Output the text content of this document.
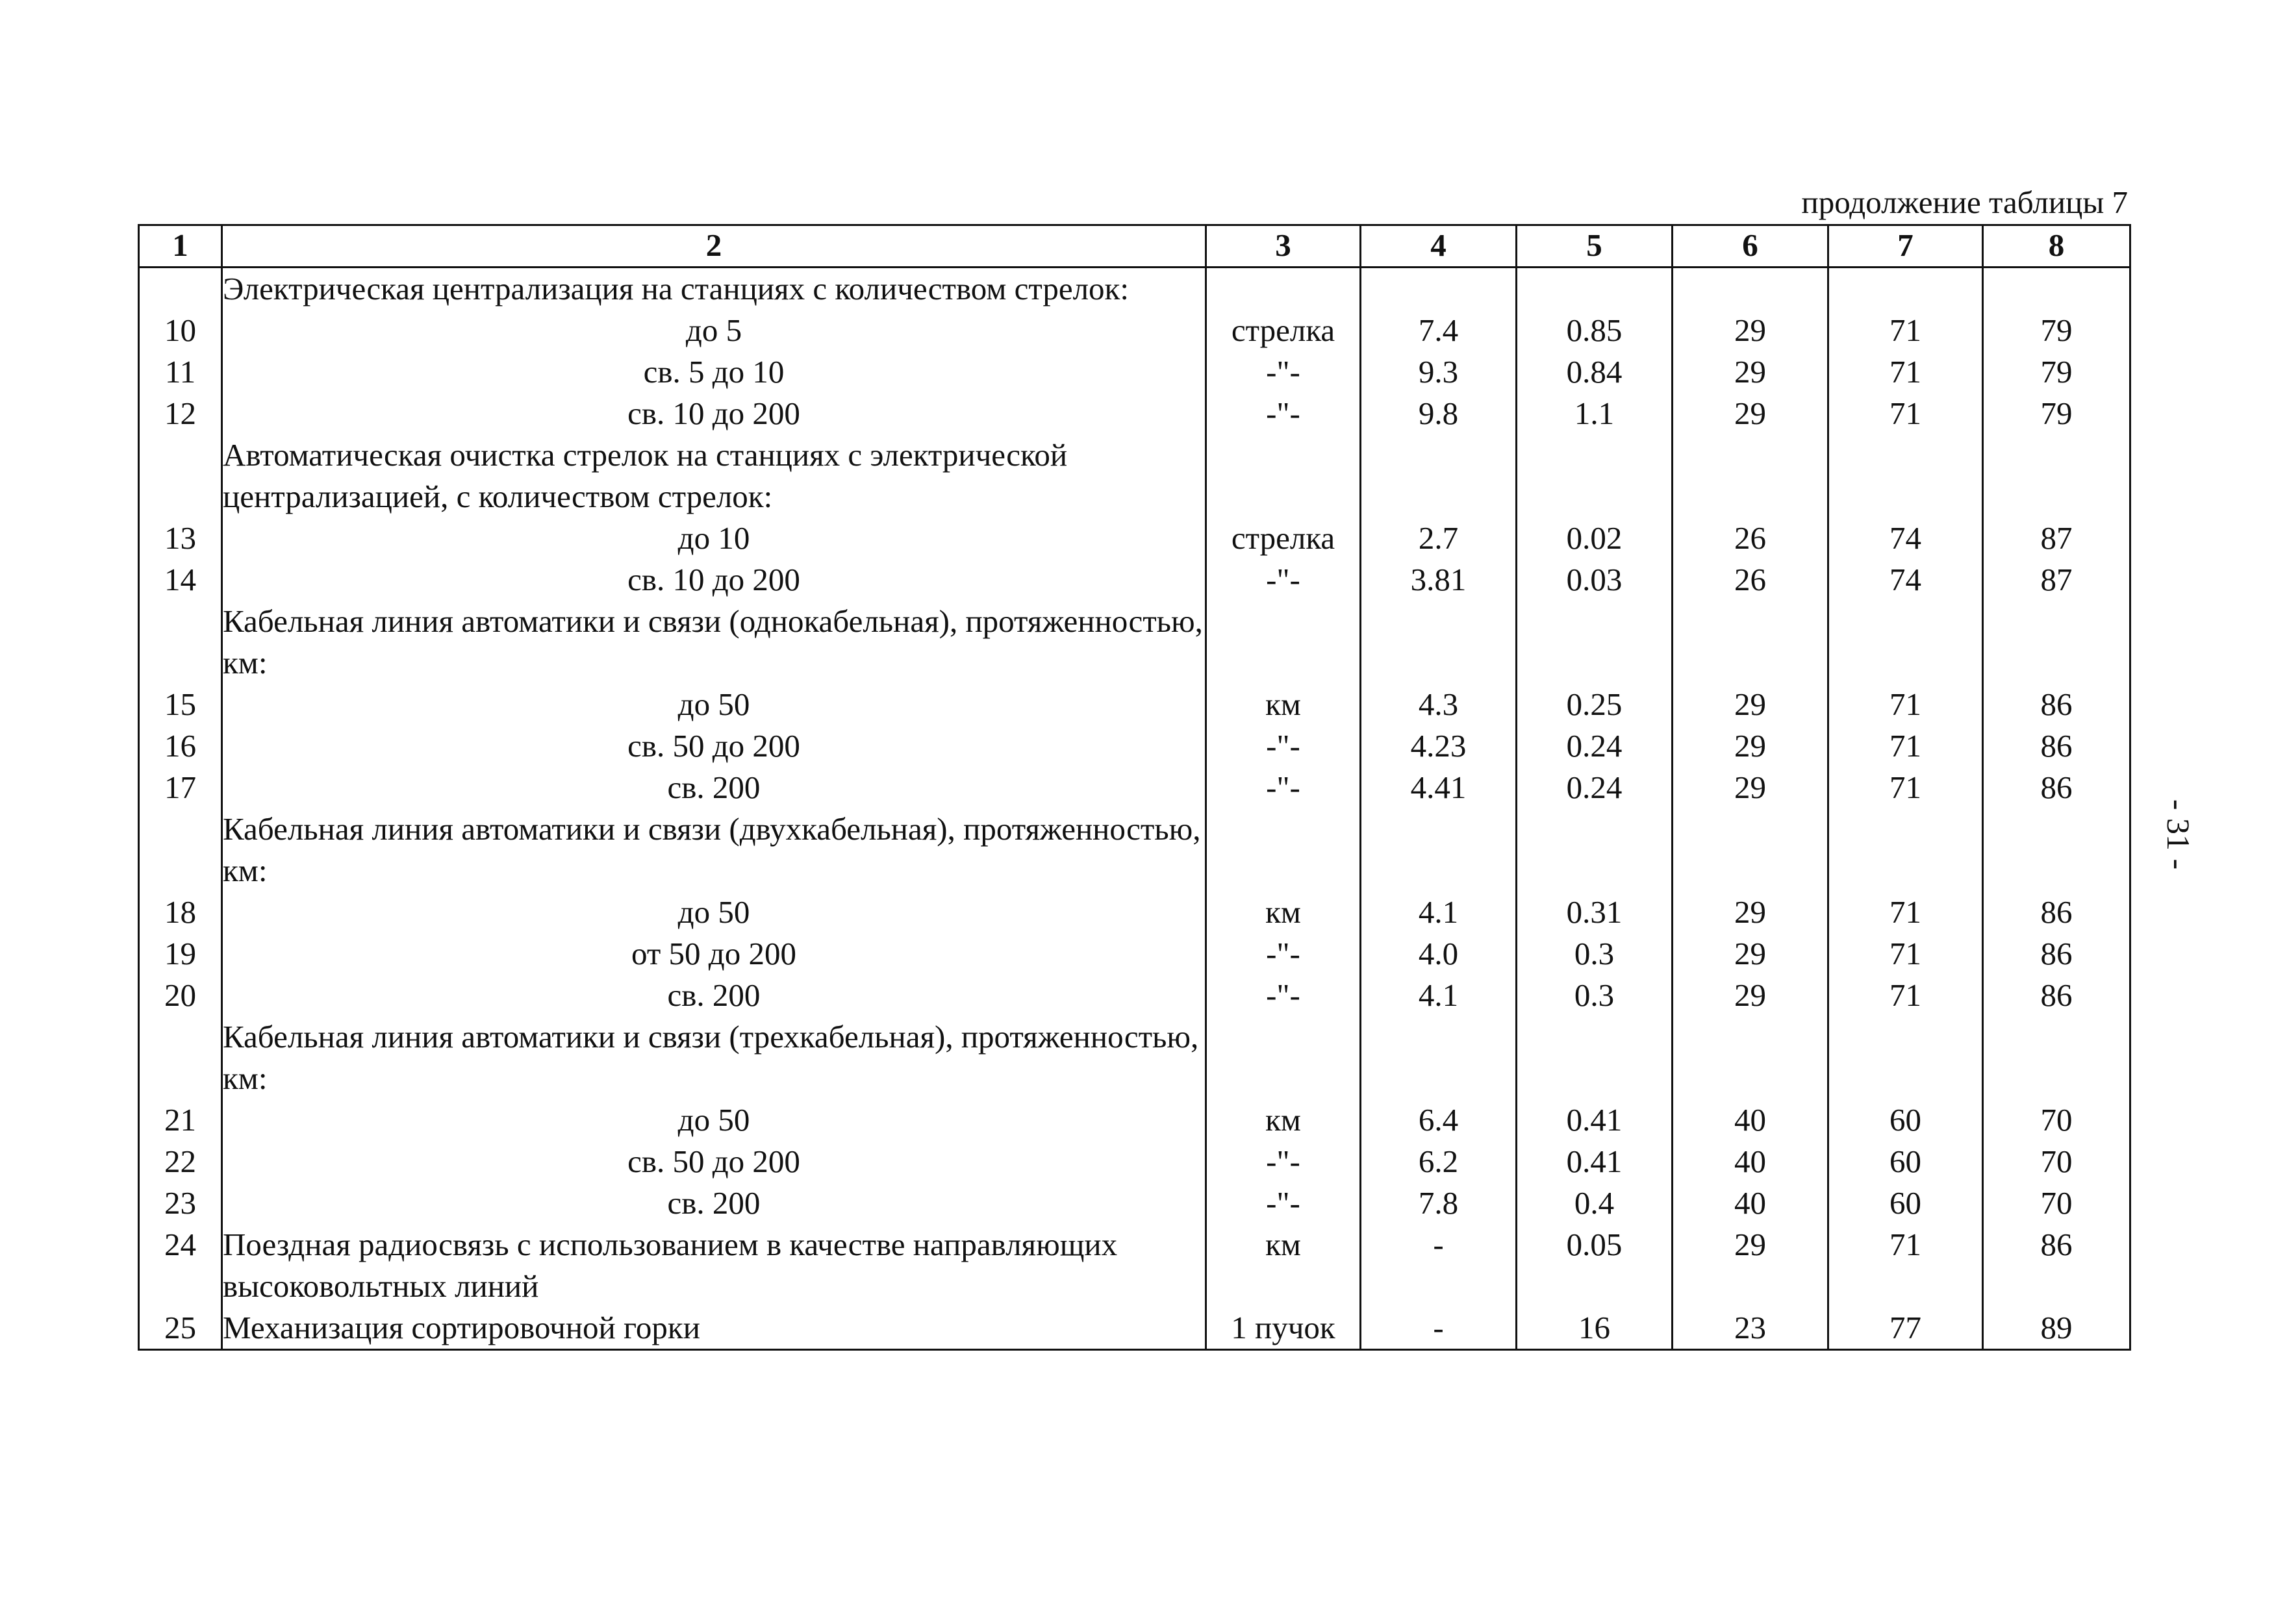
продолжение таблицы 7
- 31 -
1	2	3	4	5	6	7	8
	Электрическая централизация на станциях с количеством стрелок:						
10	до 5	стрелка	7.4	0.85	29	71	79
11	св. 5 до 10	-"-	9.3	0.84	29	71	79
12	св. 10 до 200	-"-	9.8	1.1	29	71	79
	Автоматическая очистка стрелок на станциях с электрической централизацией, с количеством стрелок:						
13	до 10	стрелка	2.7	0.02	26	74	87
14	св. 10 до 200	-"-	3.81	0.03	26	74	87
	Кабельная линия автоматики и связи (однокабельная), протяженностью, км:						
15	до 50	км	4.3	0.25	29	71	86
16	св. 50 до 200	-"-	4.23	0.24	29	71	86
17	св. 200	-"-	4.41	0.24	29	71	86
	Кабельная линия автоматики и связи (двухкабельная), протяженностью, км:						
18	до 50	км	4.1	0.31	29	71	86
19	от 50 до 200	-"-	4.0	0.3	29	71	86
20	св. 200	-"-	4.1	0.3	29	71	86
	Кабельная линия автоматики и связи (трехкабельная), протяженностью, км:						
21	до 50	км	6.4	0.41	40	60	70
22	св. 50 до 200	-"-	6.2	0.41	40	60	70
23	св. 200	-"-	7.8	0.4	40	60	70
24	Поездная радиосвязь с использованием в качестве направляющих высоковольтных линий	км	-	0.05	29	71	86
25	Механизация сортировочной горки	1 пучок	-	16	23	77	89
